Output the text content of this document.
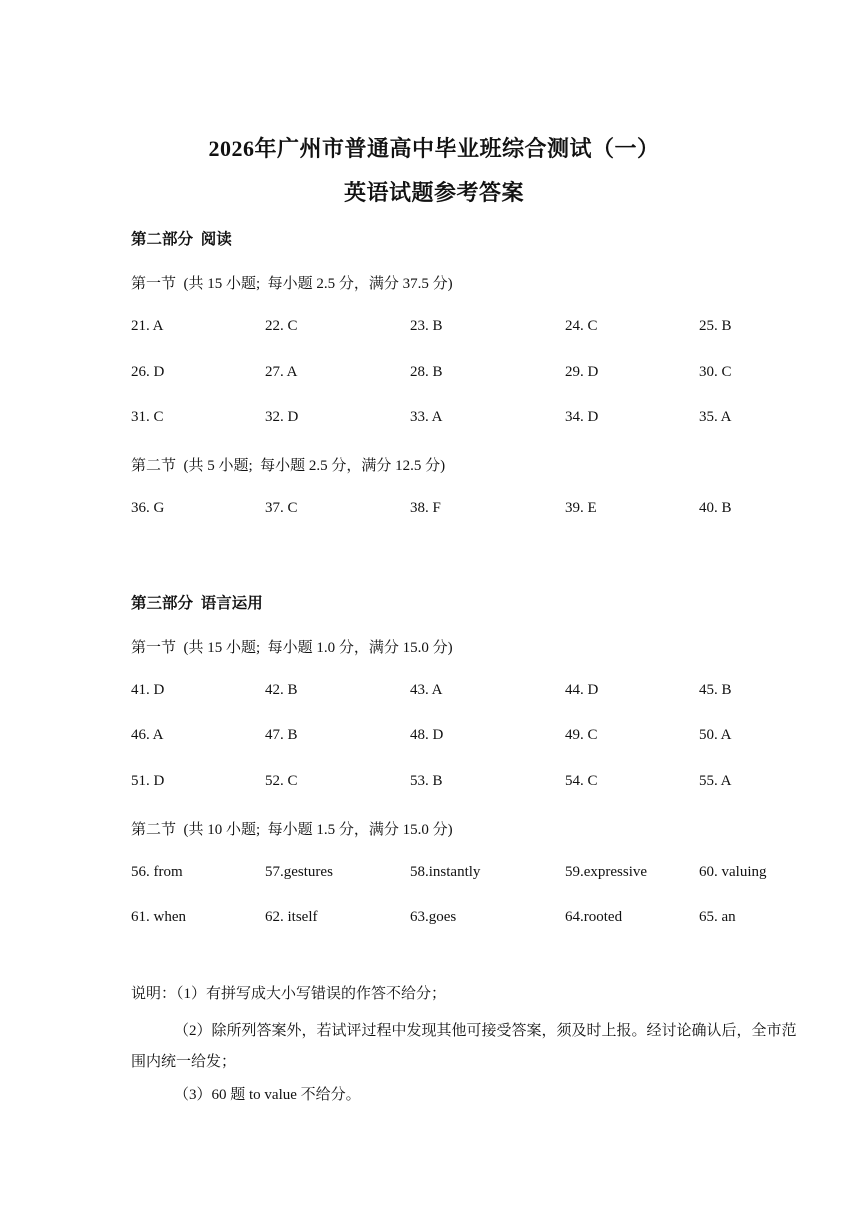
2026年广州市普通高中毕业班综合测试（一）
英语试题参考答案
第二部分  阅读
第一节  (共 15 小题;  每小题 2.5 分，满分 37.5 分)
21. A	22. C	23. B	24. C	25. B
26. D	27. A	28. B	29. D	30. C
31. C	32. D	33. A	34. D	35. A
第二节  (共 5 小题;  每小题 2.5 分，满分 12.5 分)
36. G	37. C	38. F	39. E	40. B
第三部分  语言运用
第一节  (共 15 小题;  每小题 1.0 分，满分 15.0 分)
41. D	42. B	43. A	44. D	45. B
46. A	47. B	48. D	49. C	50. A
51. D	52. C	53. B	54. C	55. A
第二节  (共 10 小题;  每小题 1.5 分，满分 15.0 分)
56. from	57.gestures	58.instantly	59.expressive	60. valuing
61. when	62. itself	63.goes	64.rooted	65. an
说明：（1）有拼写成大小写错误的作答不给分；
（2）除所列答案外，若试评过程中发现其他可接受答案，须及时上报。经讨论确认后，全市范
围内统一给发；
（3）60 题 to value 不给分。
